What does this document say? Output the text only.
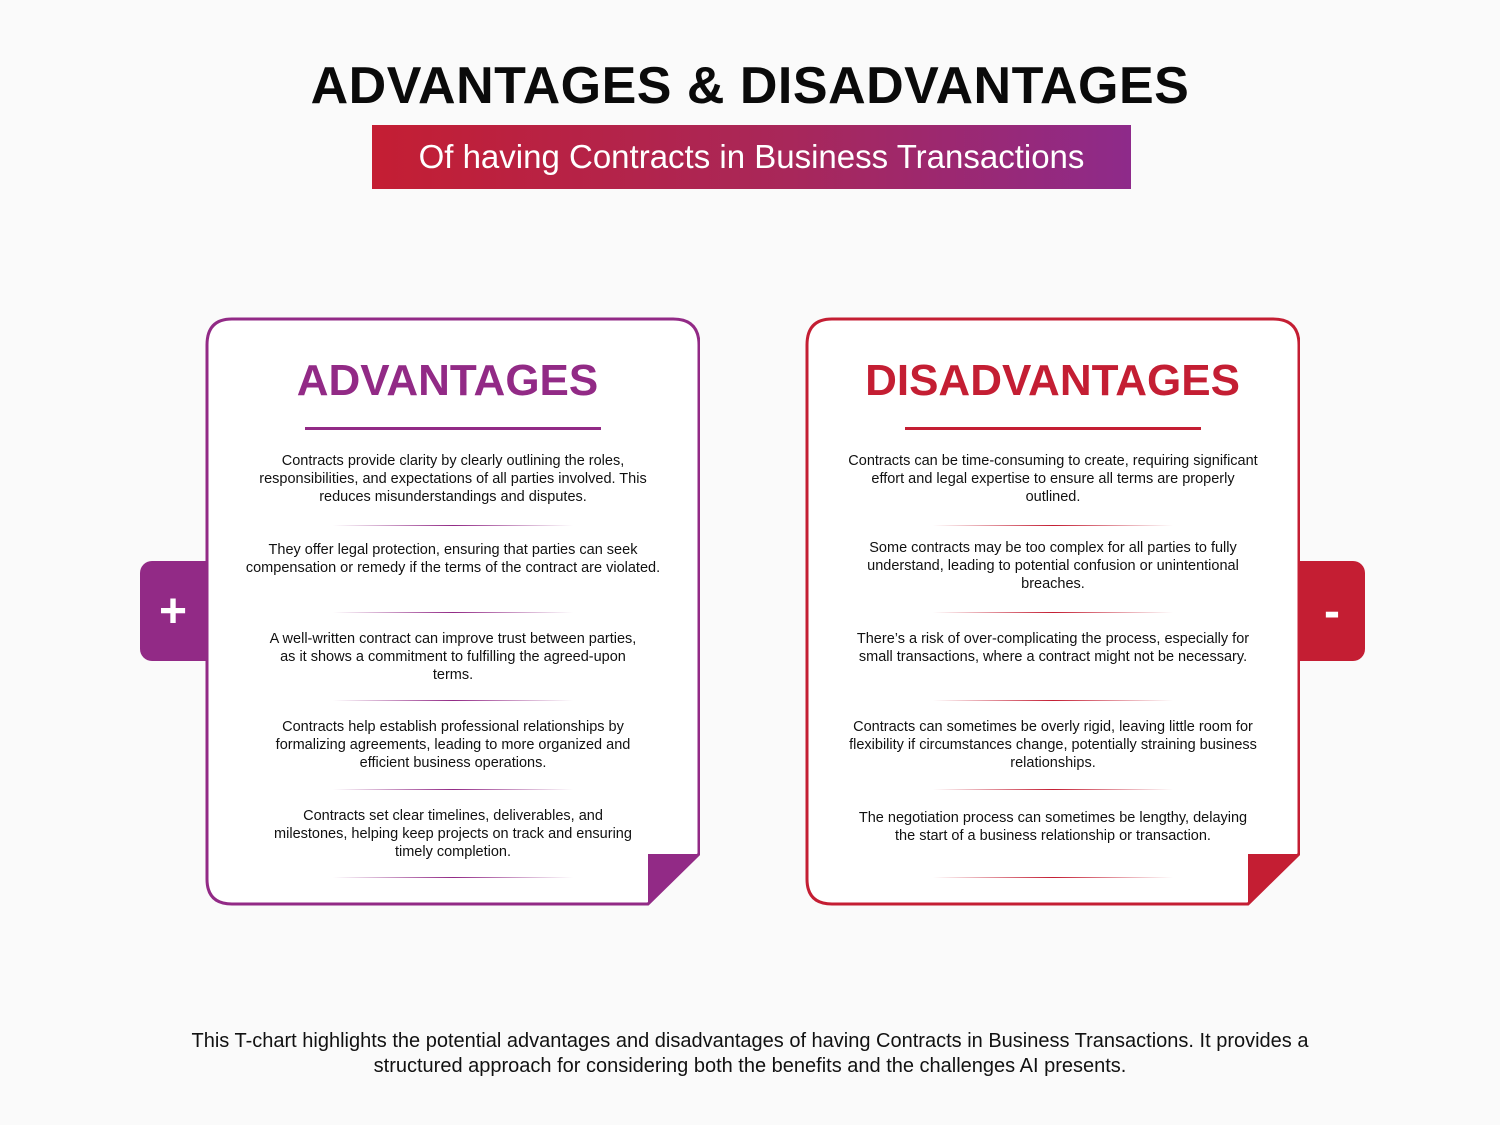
ADVANTAGES & DISADVANTAGES
Of having Contracts in Business Transactions
+
ADVANTAGES
Contracts provide clarity by clearly outlining the roles, responsibilities, and expectations of all parties involved. This reduces misunderstandings and disputes.
They offer legal protection, ensuring that parties can seek compensation or remedy if the terms of the contract are violated.
A well-written contract can improve trust between parties, as it shows a commitment to fulfilling the agreed-upon terms.
Contracts help establish professional relationships by formalizing agreements, leading to more organized and efficient business operations.
Contracts set clear timelines, deliverables, and milestones, helping keep projects on track and ensuring timely completion.
DISADVANTAGES
Contracts can be time-consuming to create, requiring significant effort and legal expertise to ensure all terms are properly outlined.
Some contracts may be too complex for all parties to fully understand, leading to potential confusion or unintentional breaches.
There’s a risk of over-complicating the process, especially for small transactions, where a contract might not be necessary.
Contracts can sometimes be overly rigid, leaving little room for flexibility if circumstances change, potentially straining business relationships.
The negotiation process can sometimes be lengthy, delaying the start of a business relationship or transaction.
-
This T-chart highlights the potential advantages and disadvantages of having Contracts in Business Transactions. It provides a structured approach for considering both the benefits and the challenges AI presents.
